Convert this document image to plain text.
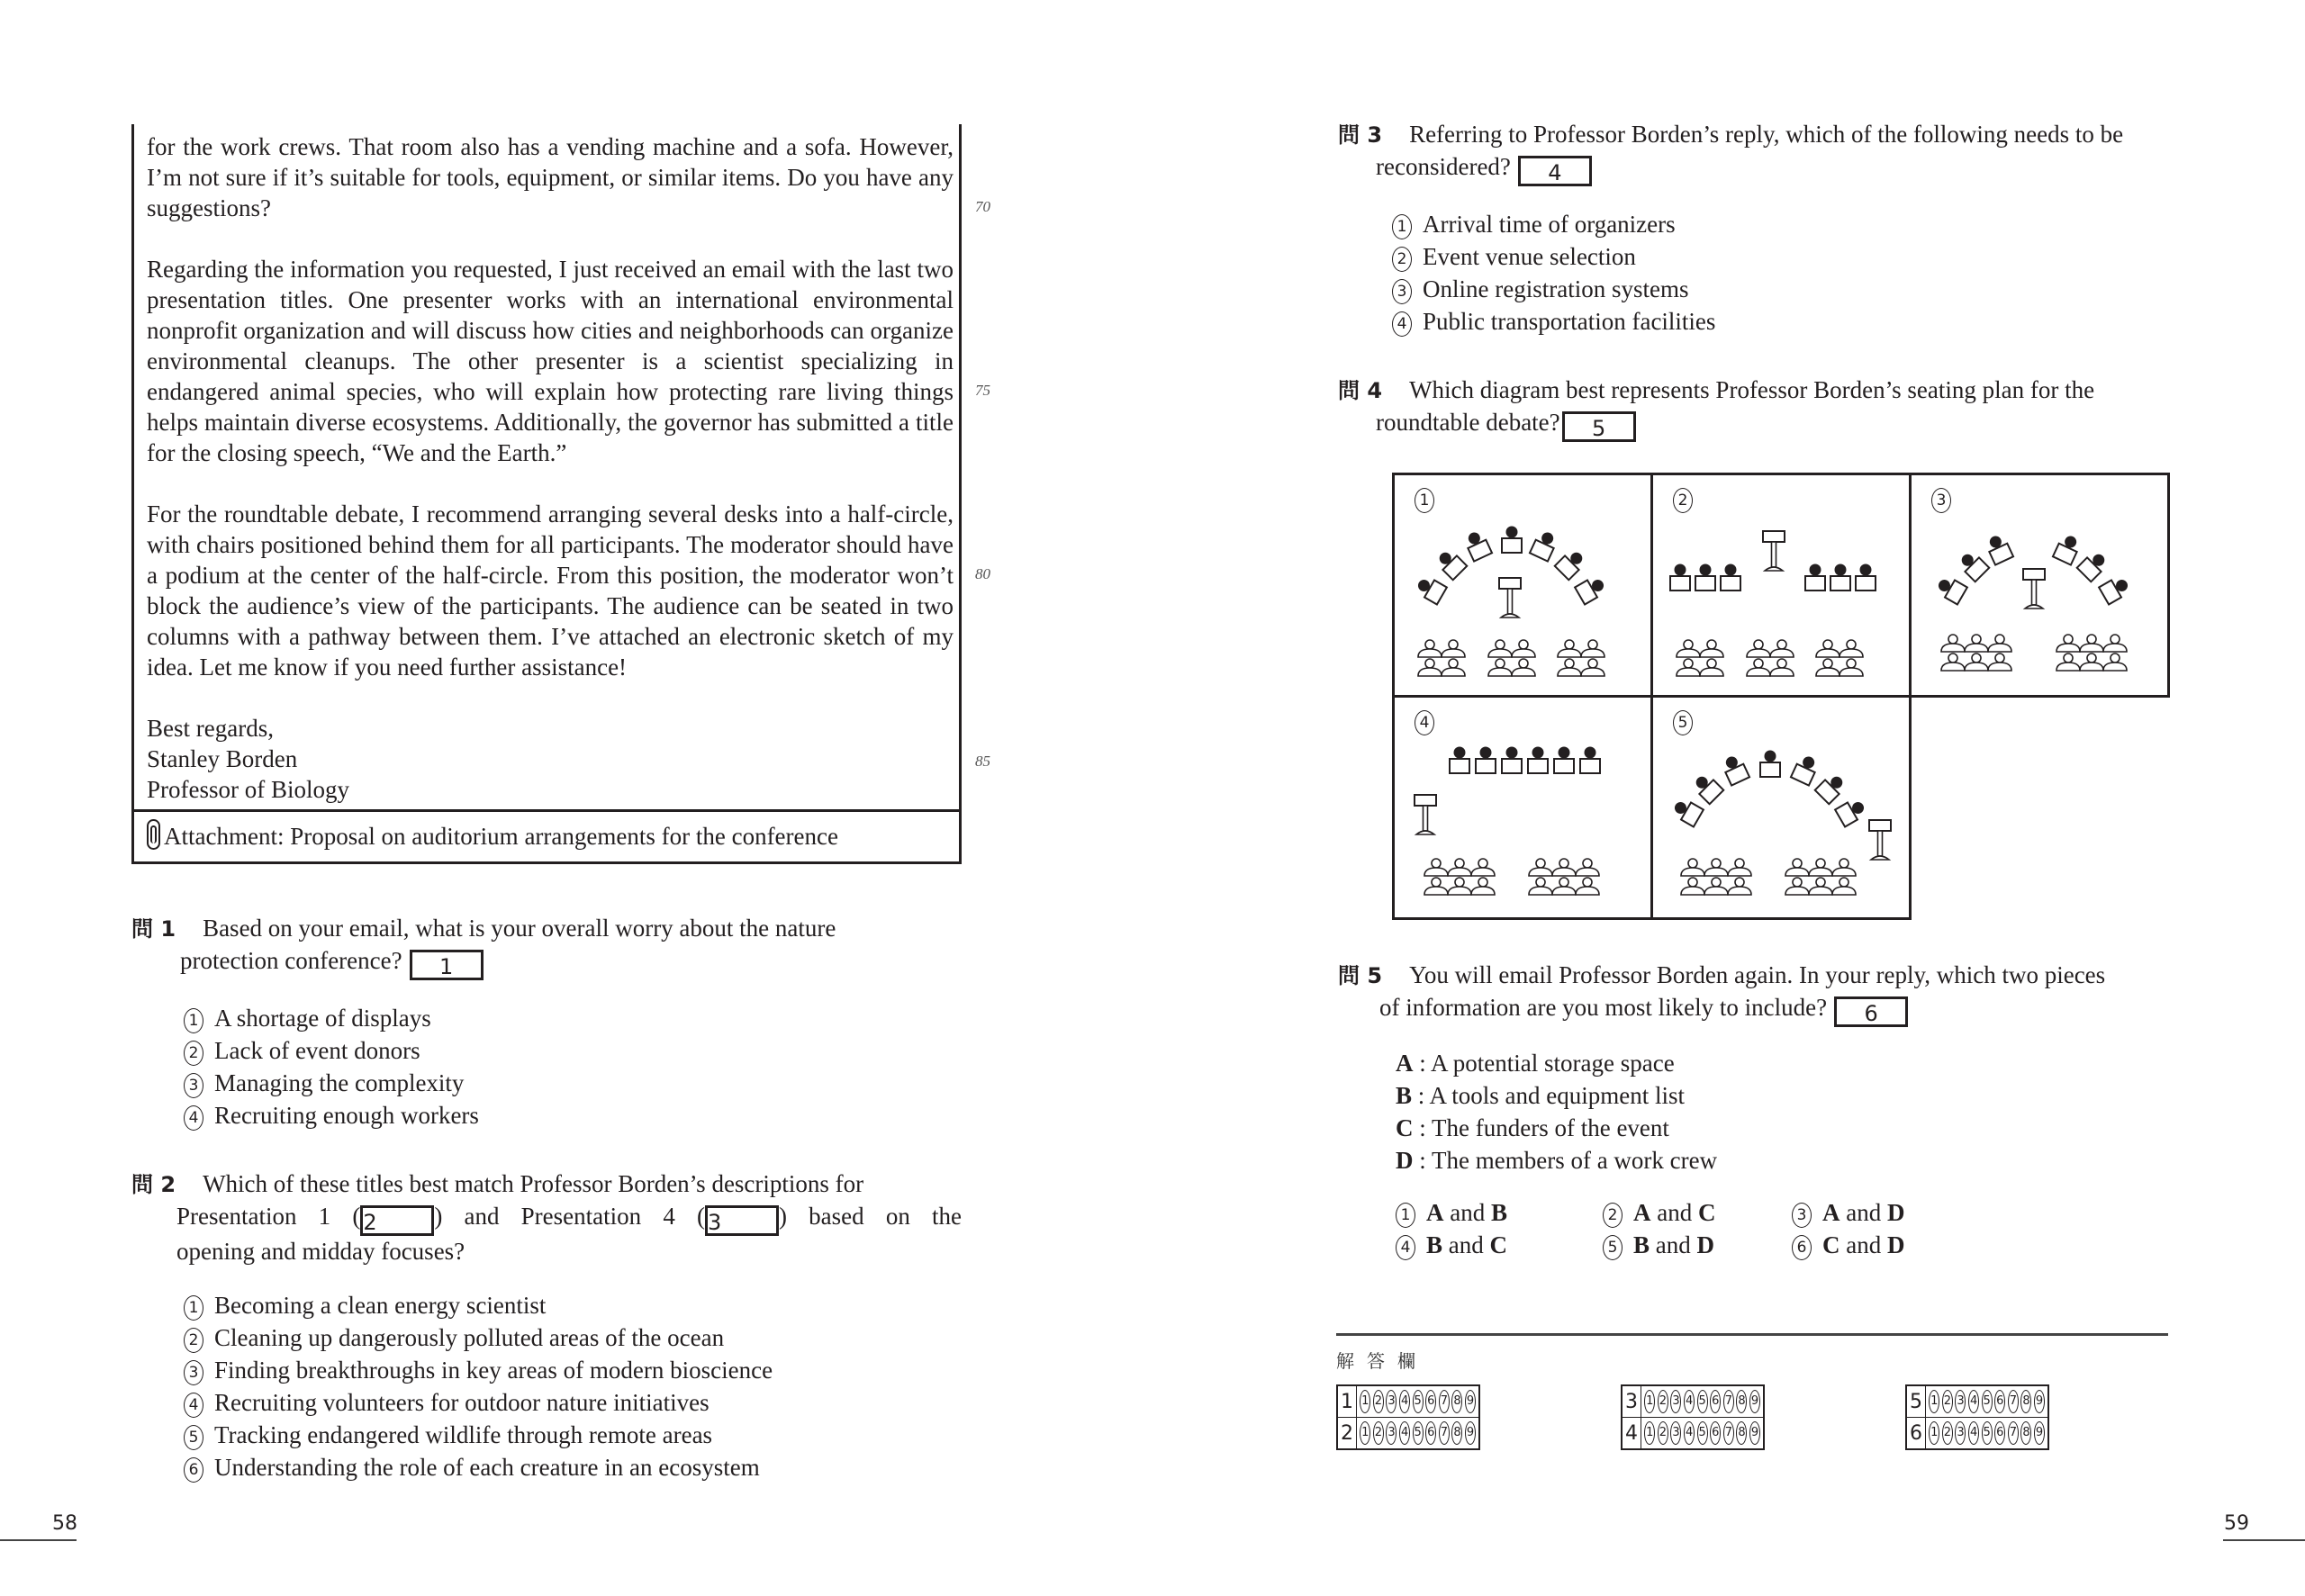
for the work crews. That room also has a vending machine and a sofa. However, I’m not sure if it’s suitable for tools, equipment, or similar items. Do you have any suggestions?

Regarding the information you requested, I just received an email with the last two presentation titles. One presenter works with an international environmental nonprofit organization and will discuss how cities and neighborhoods can organize environmental cleanups. The other presenter is a scientist specializing in endangered animal species, who will explain how protecting rare living things helps maintain diverse ecosystems. Additionally, the governor has submitted a title for the closing speech, “We and the Earth.”

For the roundtable debate, I recommend arranging several desks into a half-circle, with chairs positioned behind them for all participants. The moderator should have a podium at the center of the half-circle. From this position, the moderator won’t block the audience’s view of the participants. The audience can be seated in two columns with a pathway between them. I’ve attached an electronic sketch of my idea. Let me know if you need further assistance!

Best regards,

Stanley Borden

Professor of Biology

Attachment: Proposal on auditorium arrangements for the conference
70
75
80
85
問 1 Based on your email, what is your overall worry about the nature
protection conference? 1
1 A shortage of displays
2 Lack of event donors
3 Managing the complexity
4 Recruiting enough workers
問 2 Which of these titles best match Professor Borden’s descriptions for
Presentation 1 ( 2 ) and Presentation 4 ( 3 ) based on the
opening and midday focuses?
1 Becoming a clean energy scientist
2 Cleaning up dangerously polluted areas of the ocean
3 Finding breakthroughs in key areas of modern bioscience
4 Recruiting volunteers for outdoor nature initiatives
5 Tracking endangered wildlife through remote areas
6 Understanding the role of each creature in an ecosystem
58
問 3 Referring to Professor Borden’s reply, which of the following needs to be
reconsidered? 4
1 Arrival time of organizers
2 Event venue selection
3 Online registration systems
4 Public transportation facilities
問 4 Which diagram best represents Professor Borden’s seating plan for the
roundtable debate? 5
1	2	3
4	5
問 5 You will email Professor Borden again. In your reply, which two pieces
of information are you most likely to include? 6
A : A potential storage space
B : A tools and equipment list
C : The funders of the event
D : The members of a work crew
1 A and B	2 A and C	3 A and D
4 B and C	5 B and D	6 C and D
解答欄
1	1 2 3 4 5 6 7 8 9
2	1 2 3 4 5 6 7 8 9
3	1 2 3 4 5 6 7 8 9
4	1 2 3 4 5 6 7 8 9
5	1 2 3 4 5 6 7 8 9
6	1 2 3 4 5 6 7 8 9
59
